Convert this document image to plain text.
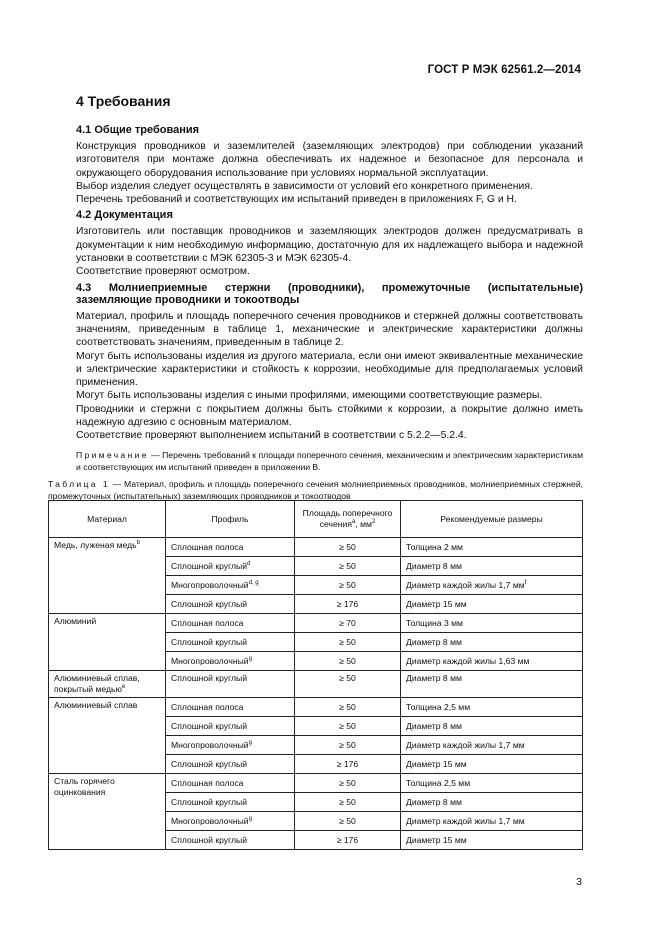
ГОСТ Р МЭК 62561.2—2014
4 Требования
4.1 Общие требования

Конструкция проводников и заземлителей (заземляющих электродов) при соблюдении указаний изготовителя при монтаже должна обеспечивать их надежное и безопасное для персонала и окружающего оборудования использование при условиях нормальной эксплуатации.

Выбор изделия следует осуществлять в зависимости от условий его конкретного применения.

Перечень требований и соответствующих им испытаний приведен в приложениях F, G и H.

4.2 Документация

Изготовитель или поставщик проводников и заземляющих электродов должен предусматривать в документации к ним необходимую информацию, достаточную для их надлежащего выбора и надежной установки в соответствии с МЭК 62305-3 и МЭК 62305-4.

Соответствие проверяют осмотром.

4.3 Молниеприемные стержни (проводники), промежуточные (испытательные)
заземляющие проводники и токоотводы

Материал, профиль и площадь поперечного сечения проводников и стержней должны соответствовать значениям, приведенным в таблице 1, механические и электрические характеристики должны соответствовать значениям, приведенным в таблице 2.

Могут быть использованы изделия из другого материала, если они имеют эквивалентные механические и электрические характеристики и стойкость к коррозии, необходимые для предполагаемых условий применения.

Могут быть использованы изделия с иными профилями, имеющими соответствующие размеры.

Проводники и стержни с покрытием должны быть стойкими к коррозии, а покрытие должно иметь надежную адгезию с основным материалом.

Соответствие проверяют выполнением испытаний в соответствии с 5.2.2—5.2.4.

Примечание — Перечень требований к площади поперечного сечения, механическим и электрическим характеристикам и соответствующих им испытаний приведен в приложении B.

Таблица 1 — Материал, профиль и площадь поперечного сечения молниеприемных проводников, молниеприемных стержней, промежуточных (испытательных) заземляющих проводников и токоотводов

Материал	Профиль	Площадь поперечного сечения$^a$, $мм^2$	Рекомендуемые размеры
Медь, луженая медь$^b$	Сплошная полоса	≥ 50	Толщина 2 мм
	Сплошной круглый$^d$	≥ 50	Диаметр 8 мм
	Многопроволочный$^{d, g}$	≥ 50	Диаметр каждой жилы 1,7 $мм^f$
	Сплошной круглый	≥ 176	Диаметр 15 мм
Алюминий	Сплошная полоса	≥ 70	Толщина 3 мм
	Сплошной круглый	≥ 50	Диаметр 8 мм
	Многопроволочный$^g$	≥ 50	Диаметр каждой жилы 1,63 мм
Алюминиевый сплав, покрытый медью$^e$	Сплошной круглый	≥ 50	Диаметр 8 мм
Алюминиевый сплав	Сплошная полоса	≥ 50	Толщина 2,5 мм
	Сплошной круглый	≥ 50	Диаметр 8 мм
	Многопроволочный$^g$	≥ 50	Диаметр каждой жилы 1,7 мм
	Сплошной круглый	≥ 176	Диаметр 15 мм
Сталь горячего оцинкования	Сплошная полоса	≥ 50	Толщина 2,5 мм
	Сплошной круглый	≥ 50	Диаметр 8 мм
	Многопроволочный$^g$	≥ 50	Диаметр каждой жилы 1,7 мм
	Сплошной круглый	≥ 176	Диаметр 15 мм
3
